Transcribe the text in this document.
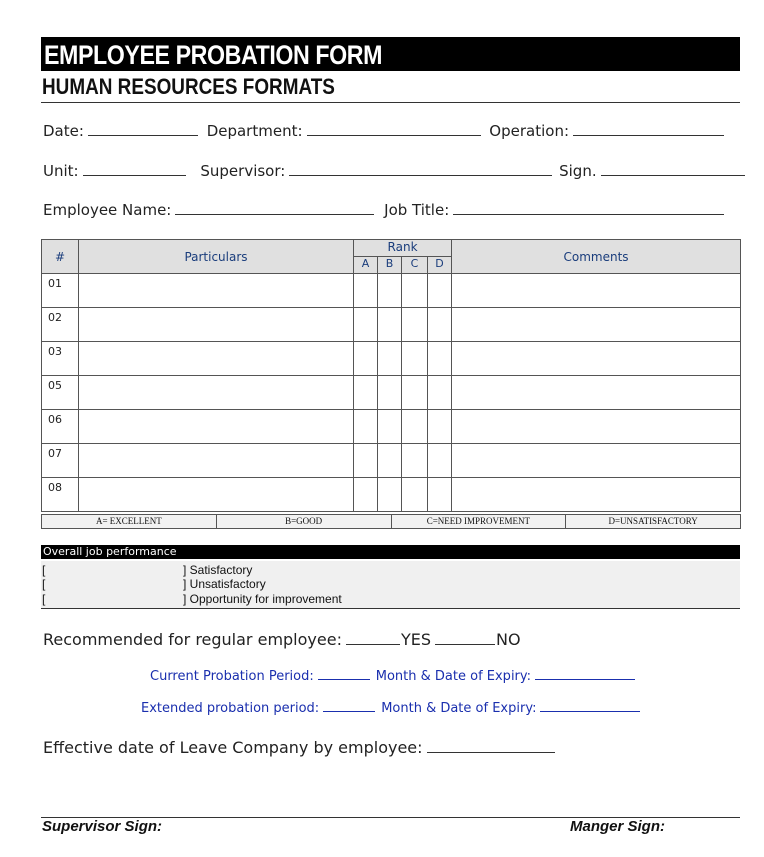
EMPLOYEE PROBATION FORM
HUMAN RESOURCES FORMATS
Date:	Department:	Operation:
Unit:	Supervisor:	Sign.
Employee Name:	Job Title:
#	Particulars	Rank				Comments
		A	B	C	D	
01						
02						
03						
05						
06						
07						
08						
A= EXCELLENT	B=GOOD	C=NEED IMPROVEMENT	D=UNSATISFACTORY
Overall job performance
[	] Satisfactory
[	] Unsatisfactory
[	] Opportunity for improvement
Recommended for regular employee:	YES	NO
Current Probation Period:	Month & Date of Expiry:
Extended probation period:	Month & Date of Expiry:
Effective date of Leave Company by employee:
Supervisor Sign:	Manger Sign:
